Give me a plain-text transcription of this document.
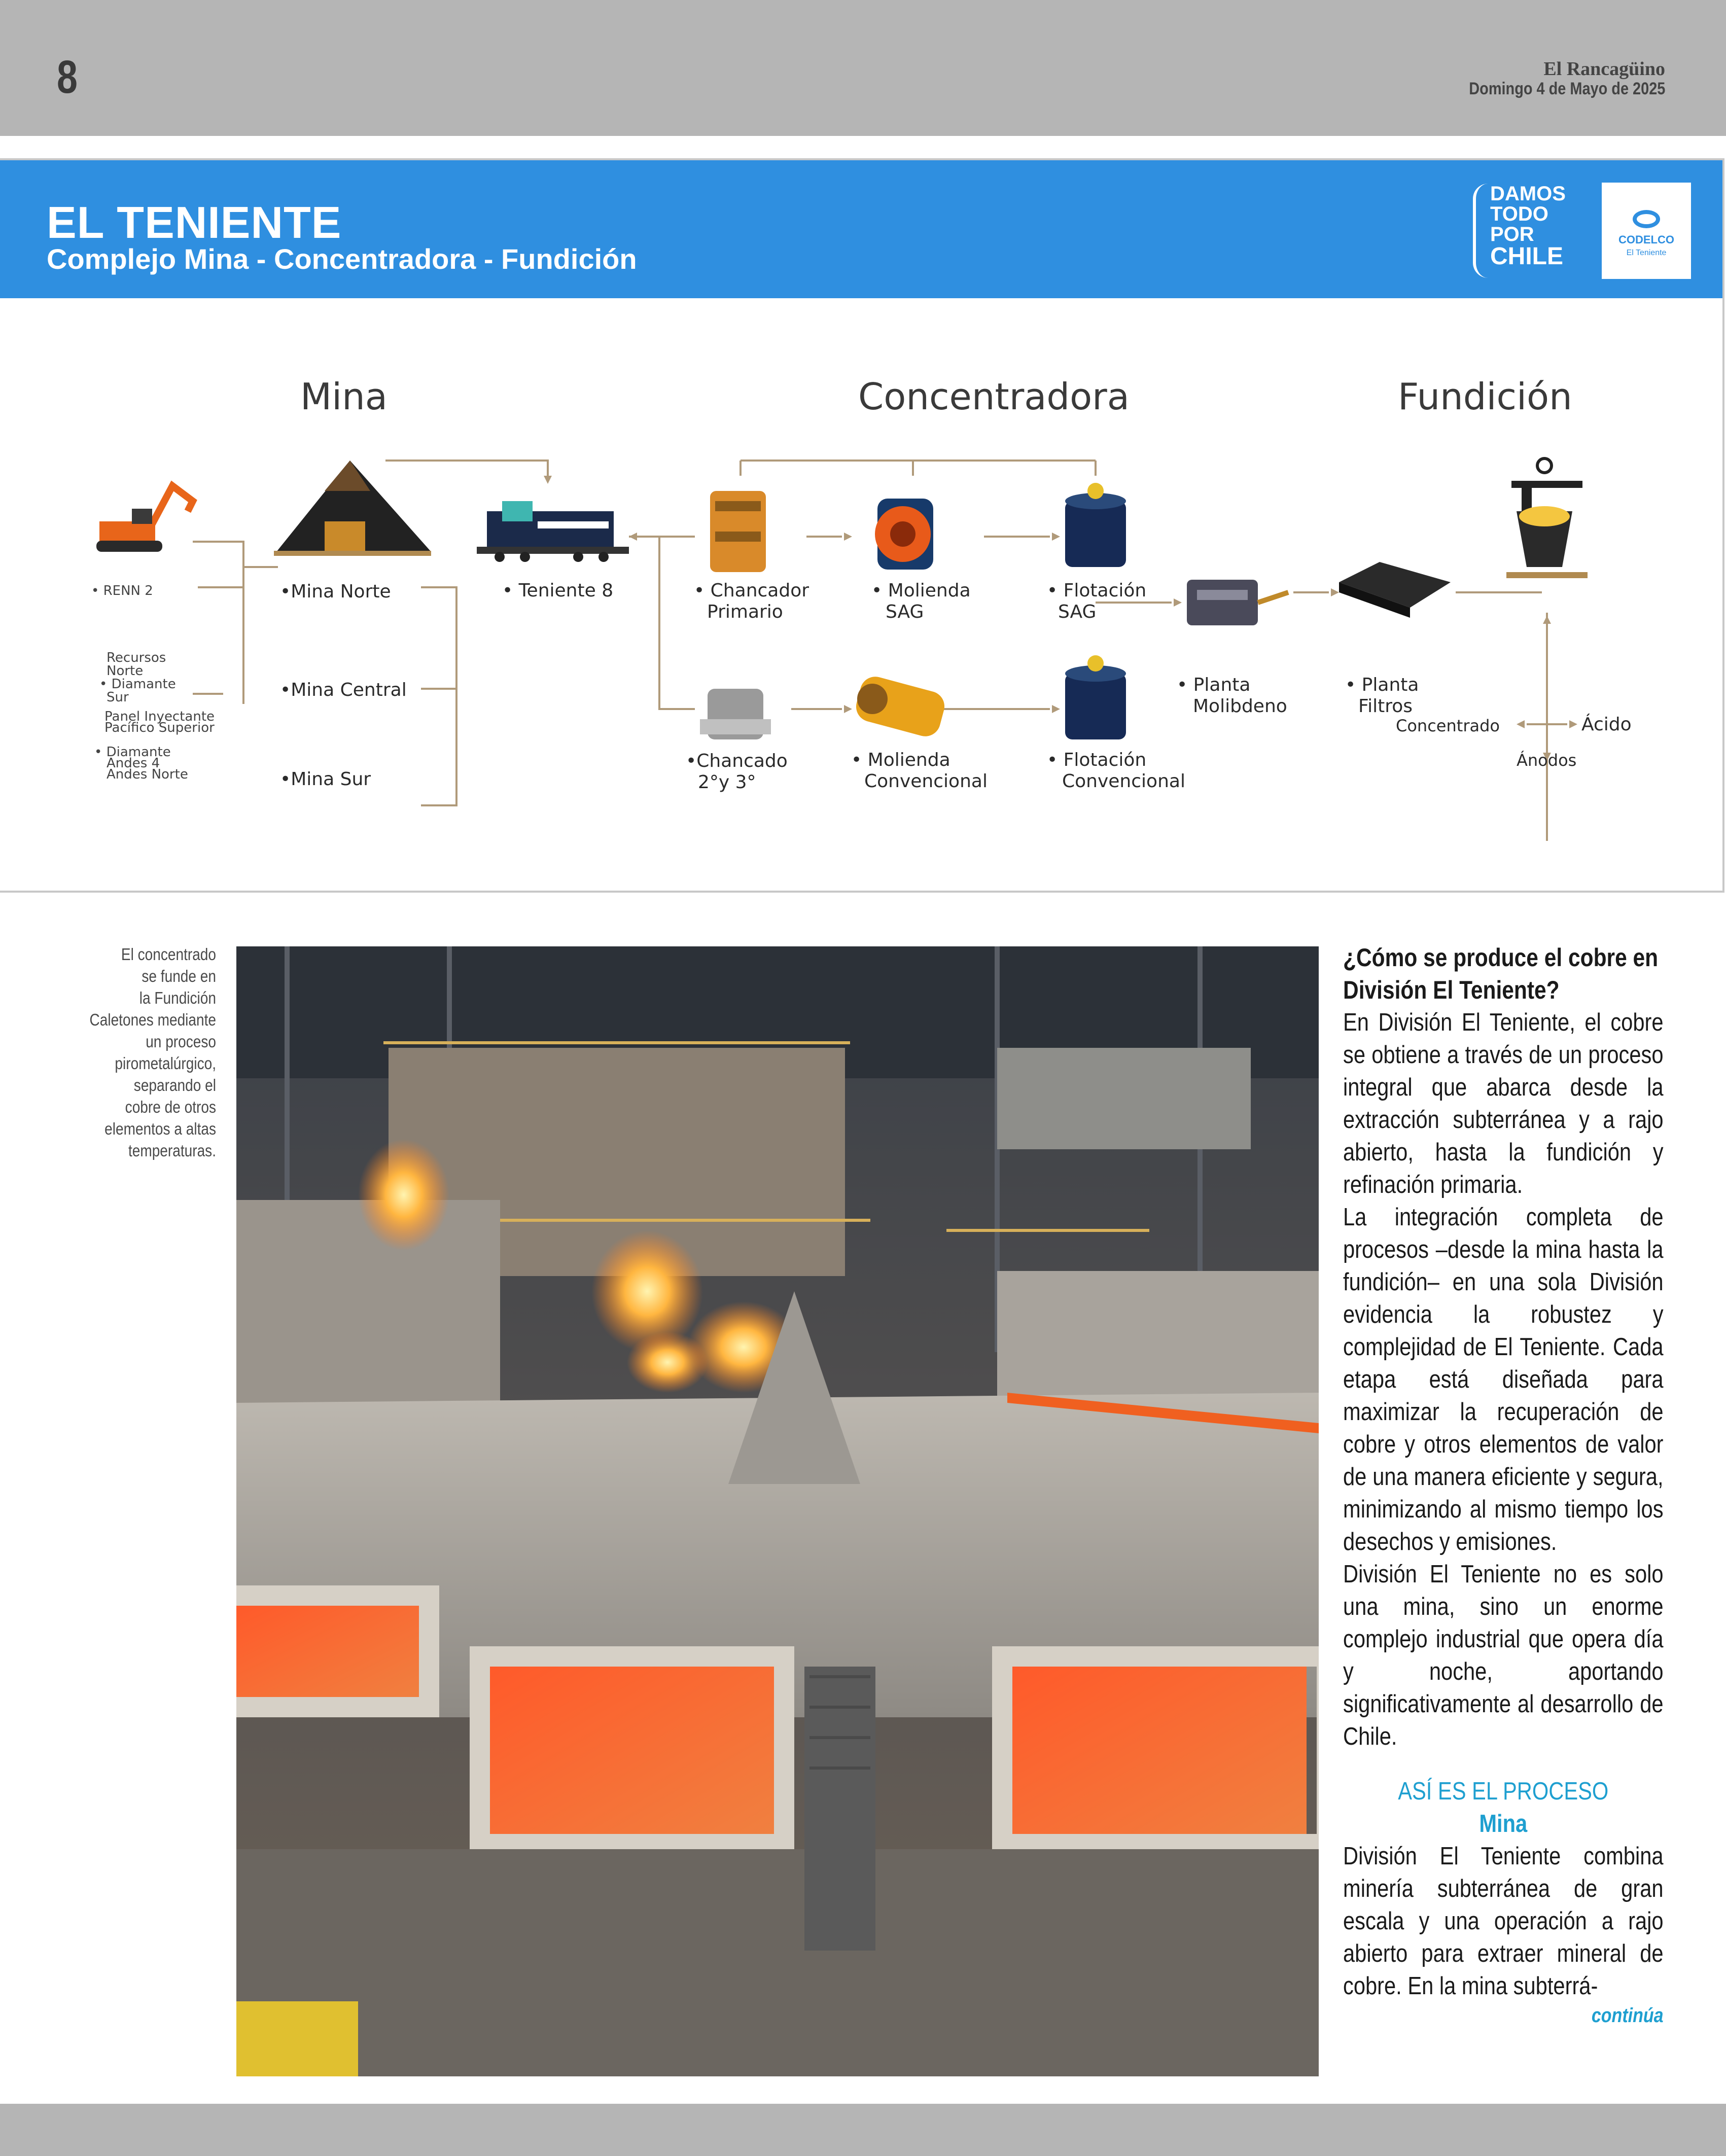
8	El Rancagüino
Domingo 4 de Mayo de 2025
EL TENIENTE
Complejo Mina - Concentradora - Fundición
DAMOS
TODO
POR
CHILE
CODELCO
El Teniente
Mina	Concentradora	Fundición
• RENN 2
Recursos
Norte
• Diamante
Sur
Panel Inyectante
Pacífico Superior
• Diamante
Andes 4
Andes Norte
•Mina Norte
•Mina Central
•Mina Sur
• Teniente 8	• Chancador
Primario
• Molienda
SAG
• Flotación
SAG
•Chancado
2°y 3°
• Molienda
Convencional
• Flotación
Convencional
• Planta
Molibdeno
• Planta
Filtros
Concentrado	Ácido
Ánodos
El concentrado
se funde en
la Fundición
Caletones mediante
un proceso
pirometalúrgico,
separando el
cobre de otros
elementos a altas
temperaturas.
¿Cómo se produce el cobre en División El Teniente?

En División El Teniente, el cobre se obtiene a través de un proceso integral que abarca desde la extracción subterránea y a rajo abierto, hasta la fundición y refinación primaria.

La integración completa de procesos –desde la mina hasta la fundición– en una sola División evidencia la robustez y complejidad de El Teniente. Cada etapa está diseñada para maximizar la recuperación de cobre y otros elementos de valor de una manera eficiente y segura, minimizando al mismo tiempo los desechos y emisiones.

División El Teniente no es solo una mina, sino un enorme complejo industrial que opera día y noche, aportando significativamente al desarrollo de Chile.

ASÍ ES EL PROCESO
Mina

División El Teniente combina minería subterránea de gran escala y una operación a rajo abierto para extraer mineral de cobre. En la mina subterrá-

continúa
